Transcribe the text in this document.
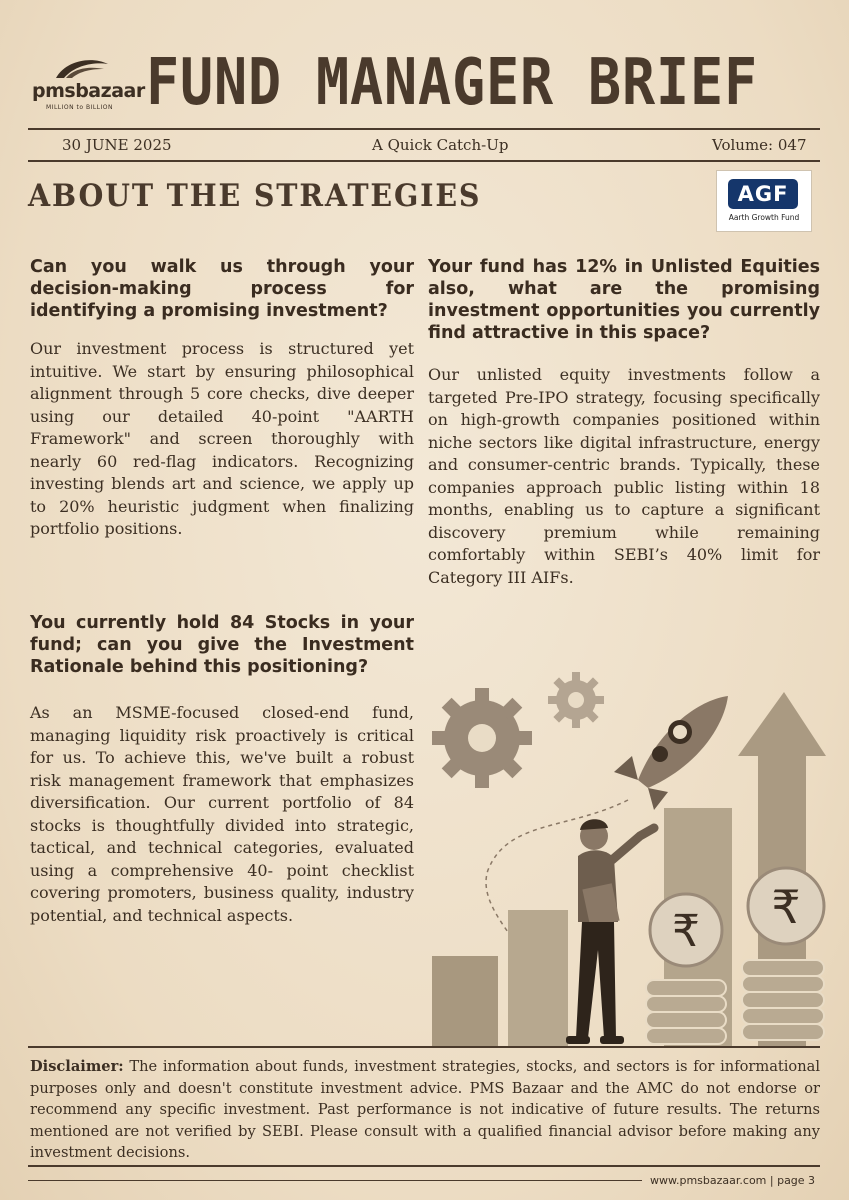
pmsbazaar
MILLION to BILLION FUND MANAGER BRIEF
30 JUNE 2025	A Quick Catch-Up	Volume: 047
ABOUT THE STRATEGIES	AGF
Aarth Growth Fund
Can you walk us through your decision-making process for identifying a promising investment?
Our investment process is structured yet intuitive. We start by ensuring philosophical alignment through 5 core checks, dive deeper using our detailed 40-point "AARTH Framework" and screen thoroughly with nearly 60 red-flag indicators. Recognizing investing blends art and science, we apply up to 20% heuristic judgment when finalizing portfolio positions.
You currently hold 84 Stocks in your fund; can you give the Investment Rationale behind this positioning?
As an MSME-focused closed-end fund, managing liquidity risk proactively is critical for us. To achieve this, we've built a robust risk management framework that emphasizes diversification. Our current portfolio of 84 stocks is thoughtfully divided into strategic, tactical, and technical categories, evaluated using a comprehensive 40- point checklist covering promoters, business quality, industry potential, and technical aspects.
Your fund has 12% in Unlisted Equities also, what are the promising investment opportunities you currently find attractive in this space?
Our unlisted equity investments follow a targeted Pre-IPO strategy, focusing specifically on high-growth companies positioned within niche sectors like digital infrastructure, energy and consumer-centric brands. Typically, these companies approach public listing within 18 months, enabling us to capture a significant discovery premium while remaining comfortably within SEBI’s 40% limit for Category III AIFs.
₹ ₹
Disclaimer: The information about funds, investment strategies, stocks, and sectors is for informational purposes only and doesn't constitute investment advice. PMS Bazaar and the AMC do not endorse or recommend any specific investment. Past performance is not indicative of future results. The returns mentioned are not verified by SEBI. Please consult with a qualified financial advisor before making any investment decisions.
www.pmsbazaar.com | page 3
